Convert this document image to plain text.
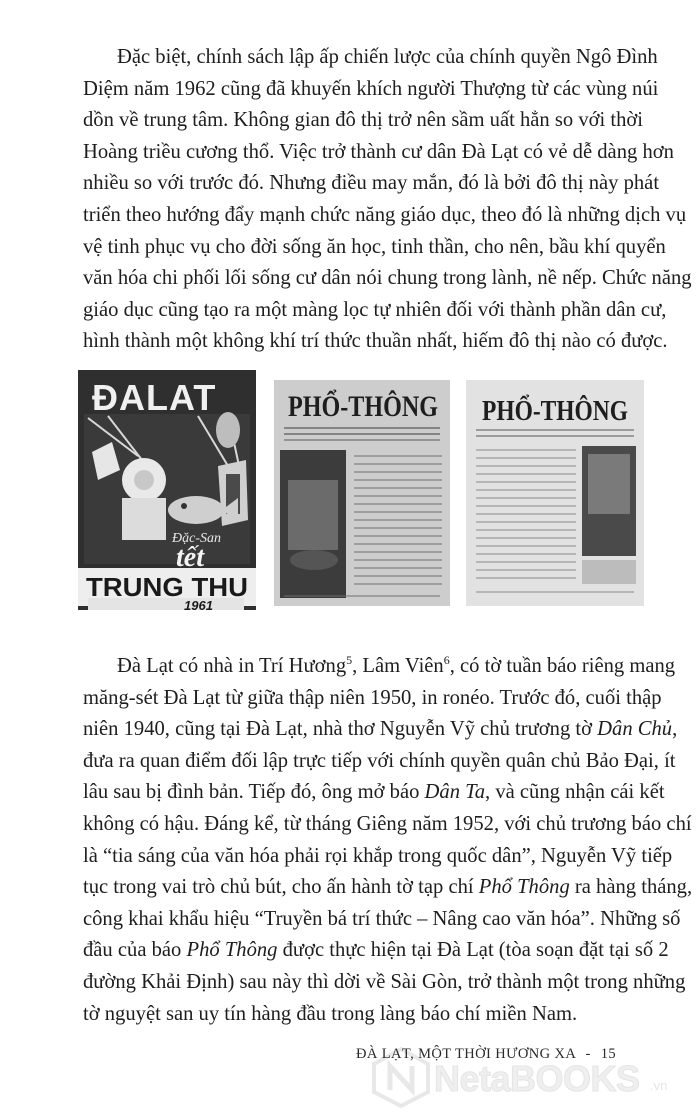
Đặc biệt, chính sách lập ấp chiến lược của chính quyền Ngô Đình
Diệm năm 1962 cũng đã khuyến khích người Thượng từ các vùng núi
dồn về trung tâm. Không gian đô thị trở nên sầm uất hẳn so với thời
Hoàng triều cương thổ. Việc trở thành cư dân Đà Lạt có vẻ dễ dàng hơn
nhiều so với trước đó. Nhưng điều may mắn, đó là bởi đô thị này phát
triển theo hướng đẩy mạnh chức năng giáo dục, theo đó là những dịch vụ
vệ tinh phục vụ cho đời sống ăn học, tinh thần, cho nên, bầu khí quyển
văn hóa chi phối lối sống cư dân nói chung trong lành, nề nếp. Chức năng
giáo dục cũng tạo ra một màng lọc tự nhiên đối với thành phần dân cư,
hình thành một không khí trí thức thuần nhất, hiếm đô thị nào có được.
ĐALAT
Đặc-San
tết
TRUNG THU
1961
PHỔ-THÔNG PHỔ-THÔNG
Đà Lạt có nhà in Trí Hương$^5$, Lâm Viên$^6$, có tờ tuần báo riêng mang
măng-sét Đà Lạt từ giữa thập niên 1950, in ronéo. Trước đó, cuối thập
niên 1940, cũng tại Đà Lạt, nhà thơ Nguyễn Vỹ chủ trương tờ Dân Chủ,
đưa ra quan điểm đối lập trực tiếp với chính quyền quân chủ Bảo Đại, ít
lâu sau bị đình bản. Tiếp đó, ông mở báo Dân Ta, và cũng nhận cái kết
không có hậu. Đáng kể, từ tháng Giêng năm 1952, với chủ trương báo chí
là “tia sáng của văn hóa phải rọi khắp trong quốc dân”, Nguyễn Vỹ tiếp
tục trong vai trò chủ bút, cho ấn hành tờ tạp chí Phổ Thông ra hàng tháng,
công khai khẩu hiệu “Truyền bá trí thức – Nâng cao văn hóa”. Những số
đầu của báo Phổ Thông được thực hiện tại Đà Lạt (tòa soạn đặt tại số 2
đường Khải Định) sau này thì dời về Sài Gòn, trở thành một trong những
tờ nguyệt san uy tín hàng đầu trong làng báo chí miền Nam.
NetaBOOKS .vn
ĐÀ LẠT, MỘT THỜI HƯƠNG XA - 15
